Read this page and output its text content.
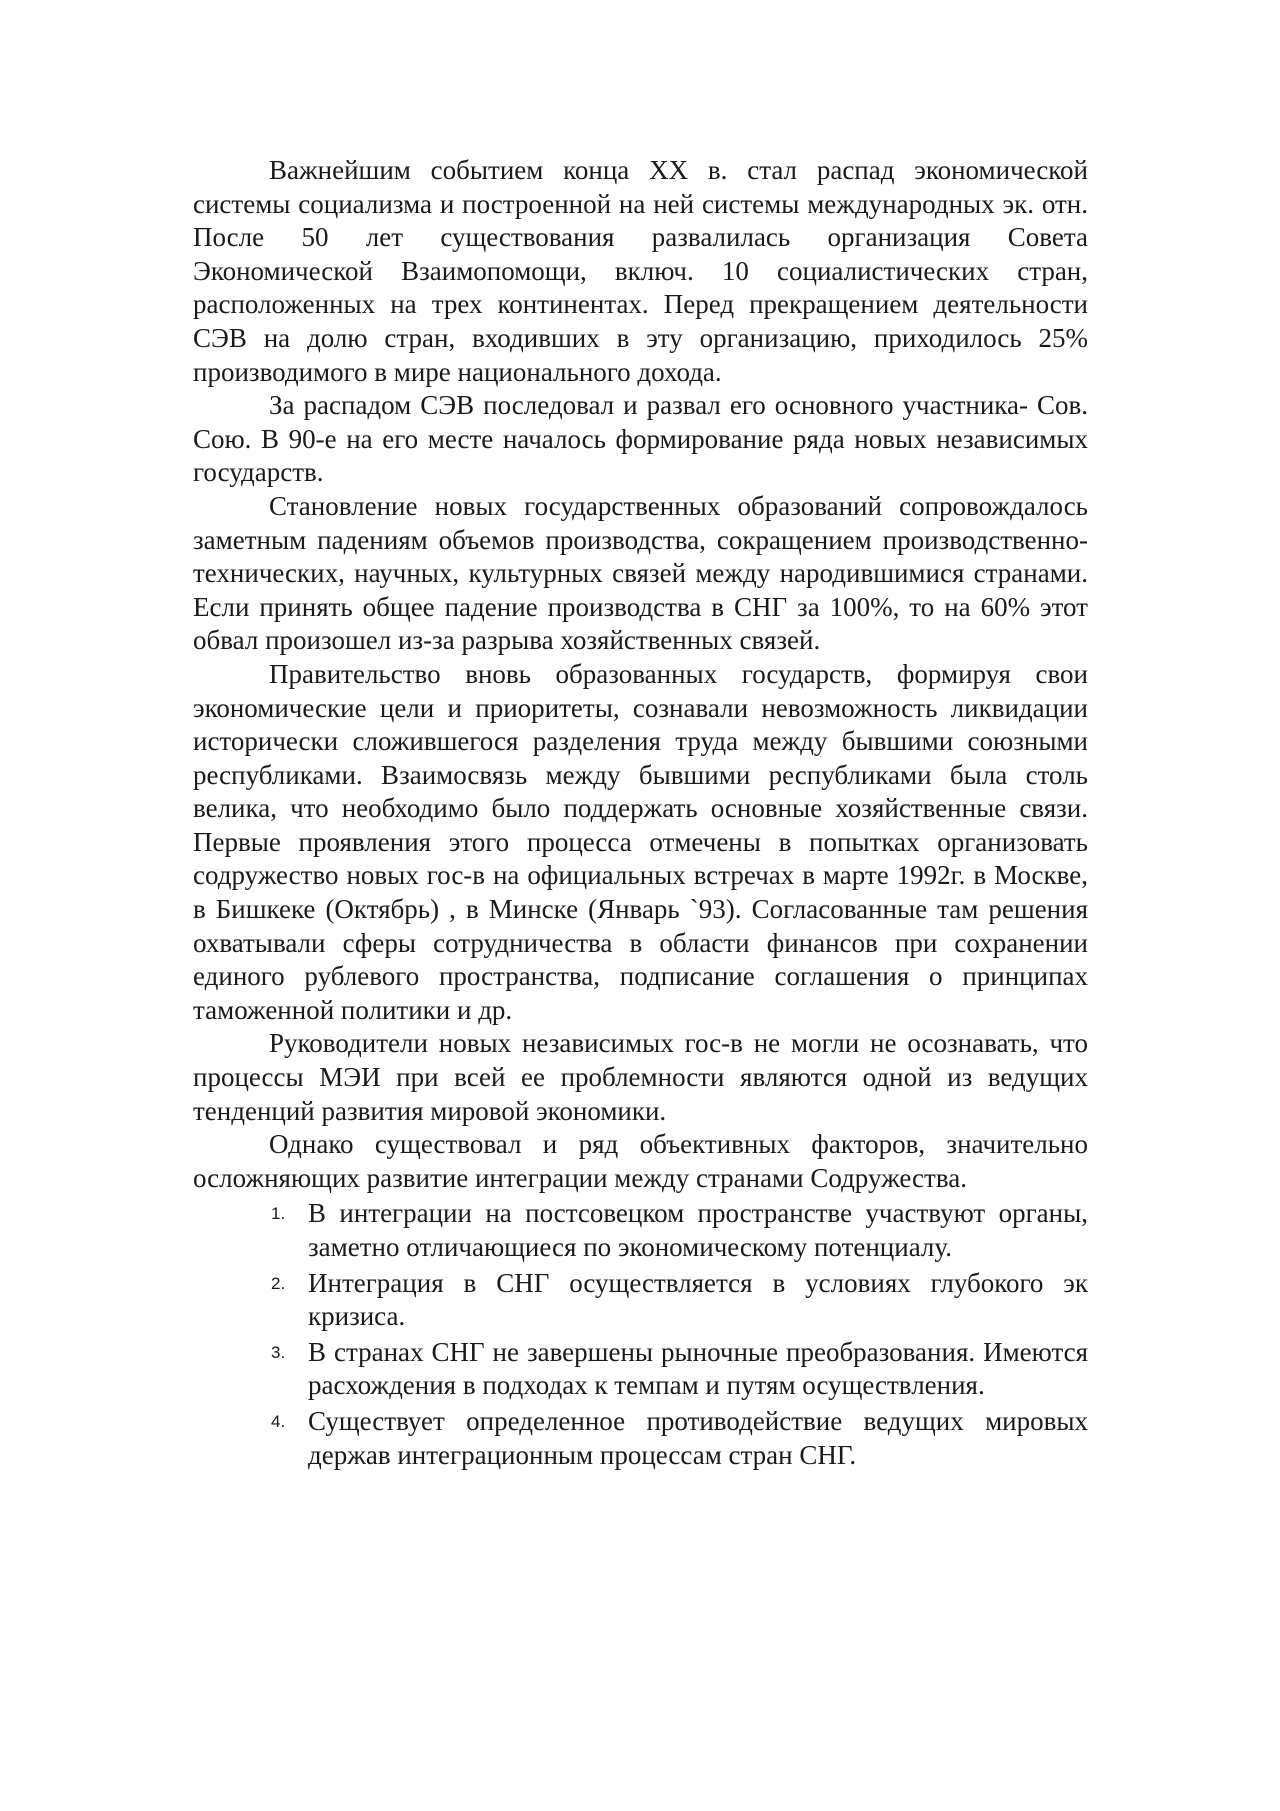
Важнейшим событием конца XX в. стал распад экономической системы социализма и построенной на ней системы международных эк. отн. После 50 лет существования развалилась организация Совета Экономической Взаимопомощи, включ. 10 социалистических стран, расположенных на трех континентах. Перед прекращением деятельности СЭВ на долю стран, входивших в эту организацию, приходилось 25% производимого в мире национального дохода.

За распадом СЭВ последовал и развал его основного участника- Сов. Сою. В 90-е на его месте началось формирование ряда новых независимых государств.

Становление новых государственных образований сопровождалось заметным падениям объемов производства, сокращением производственно-технических, научных, культурных связей между народившимися странами. Если принять общее падение производства в СНГ за 100%, то на 60% этот обвал произошел из-за разрыва хозяйственных связей.

Правительство вновь образованных государств, формируя свои экономические цели и приоритеты, сознавали невозможность ликвидации исторически сложившегося разделения труда между бывшими союзными республиками. Взаимосвязь между бывшими республиками была столь велика, что необходимо было поддержать основные хозяйственные связи. Первые проявления этого процесса отмечены в попытках организовать содружество новых гос-в на официальных встречах в марте 1992г. в Москве, в Бишкеке (Октябрь) , в Минске (Январь `93). Согласованные там решения охватывали сферы сотрудничества в области финансов при сохранении единого рублевого пространства, подписание соглашения о принципах таможенной политики и др.

Руководители новых независимых гос-в не могли не осознавать, что процессы МЭИ при всей ее проблемности являются одной из ведущих тенденций развития мировой экономики.

Однако существовал и ряд объективных факторов, значительно осложняющих развитие интеграции между странами Содружества.

1. В интеграции на постсовецком пространстве участвуют органы, заметно отличающиеся по экономическому потенциалу.
2. Интеграция в СНГ осуществляется в условиях глубокого эк кризиса.
3. В странах СНГ не завершены рыночные преобразования. Имеются расхождения в подходах к темпам и путям осуществления.
4. Существует определенное противодействие ведущих мировых держав интеграционным процессам стран СНГ.
